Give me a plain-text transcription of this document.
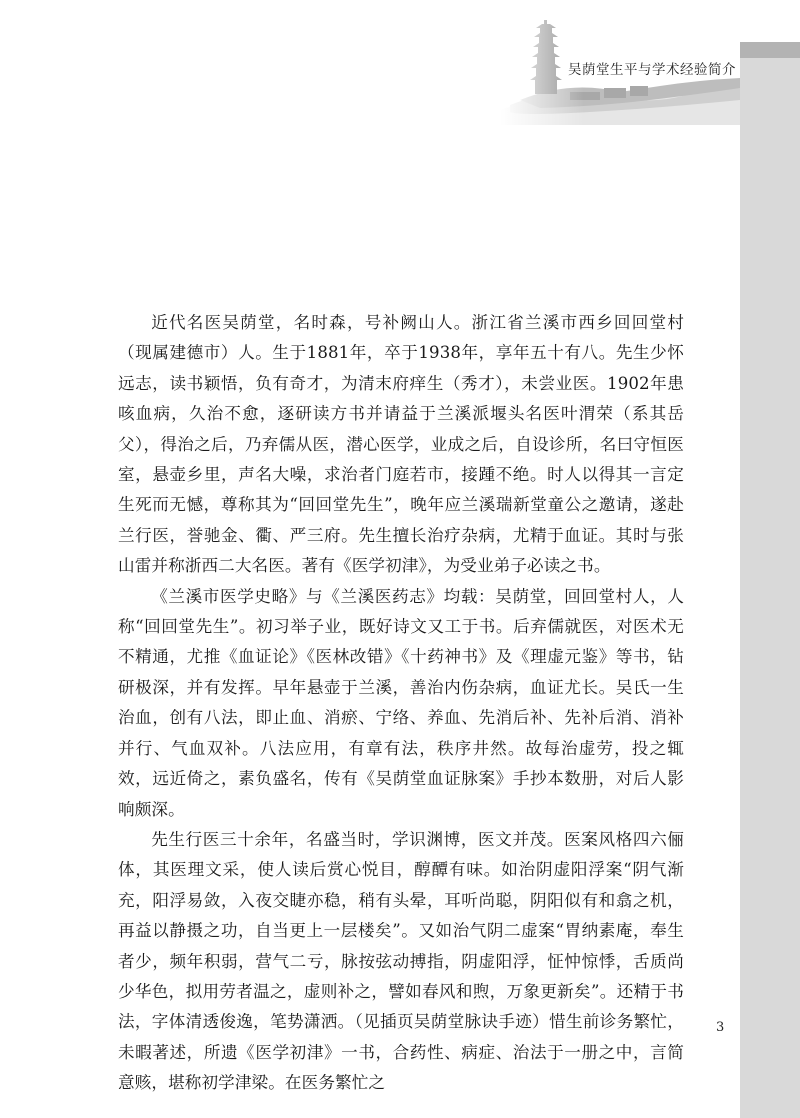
吴荫堂生平与学术经验简介

近代名医吴荫堂，名时森，号补阙山人。浙江省兰溪市西乡回回堂村（现属建德市）人。生于1881年，卒于1938年，享年五十有八。先生少怀远志，读书颖悟，负有奇才，为清末府痒生（秀才），未尝业医。1902年患咳血病，久治不愈，逐研读方书并请益于兰溪派堰头名医叶渭荣（系其岳父），得治之后，乃弃儒从医，潜心医学，业成之后，自设诊所，名曰守恒医室，悬壶乡里，声名大噪，求治者门庭若市，接踵不绝。时人以得其一言定生死而无憾，尊称其为“回回堂先生”，晚年应兰溪瑞新堂童公之邀请，遂赴兰行医，誉驰金、衢、严三府。先生擅长治疗杂病，尤精于血证。其时与张山雷并称浙西二大名医。著有《医学初津》，为受业弟子必读之书。

《兰溪市医学史略》与《兰溪医药志》均载：吴荫堂，回回堂村人，人称“回回堂先生”。初习举子业，既好诗文又工于书。后弃儒就医，对医术无不精通，尤推《血证论》《医林改错》《十药神书》及《理虚元鉴》等书，钻研极深，并有发挥。早年悬壶于兰溪，善治内伤杂病，血证尤长。吴氏一生治血，创有八法，即止血、消瘀、宁络、养血、先消后补、先补后消、消补并行、气血双补。八法应用，有章有法，秩序井然。故每治虚劳，投之辄效，远近倚之，素负盛名，传有《吴荫堂血证脉案》手抄本数册，对后人影响颇深。

先生行医三十余年，名盛当时，学识渊博，医文并茂。医案风格四六俪体，其医理文采，使人读后赏心悦目，醇醰有味。如治阴虚阳浮案“阴气渐充，阳浮易敛，入夜交睫亦稳，稍有头晕，耳听尚聪，阴阳似有和翕之机，再益以静摄之功，自当更上一层楼矣”。又如治气阴二虚案“胃纳素庵，奉生者少，频年积弱，营气二亏，脉按弦动搏指，阴虚阳浮，怔忡惊悸，舌质尚少华色，拟用劳者温之，虚则补之，譬如春风和煦，万象更新矣”。还精于书法，字体清透俊逸，笔势潇洒。（见插页吴荫堂脉诀手迹）惜生前诊务繁忙，未暇著述，所遗《医学初津》一书，合药性、病症、治法于一册之中，言简意赅，堪称初学津梁。在医务繁忙之

3
